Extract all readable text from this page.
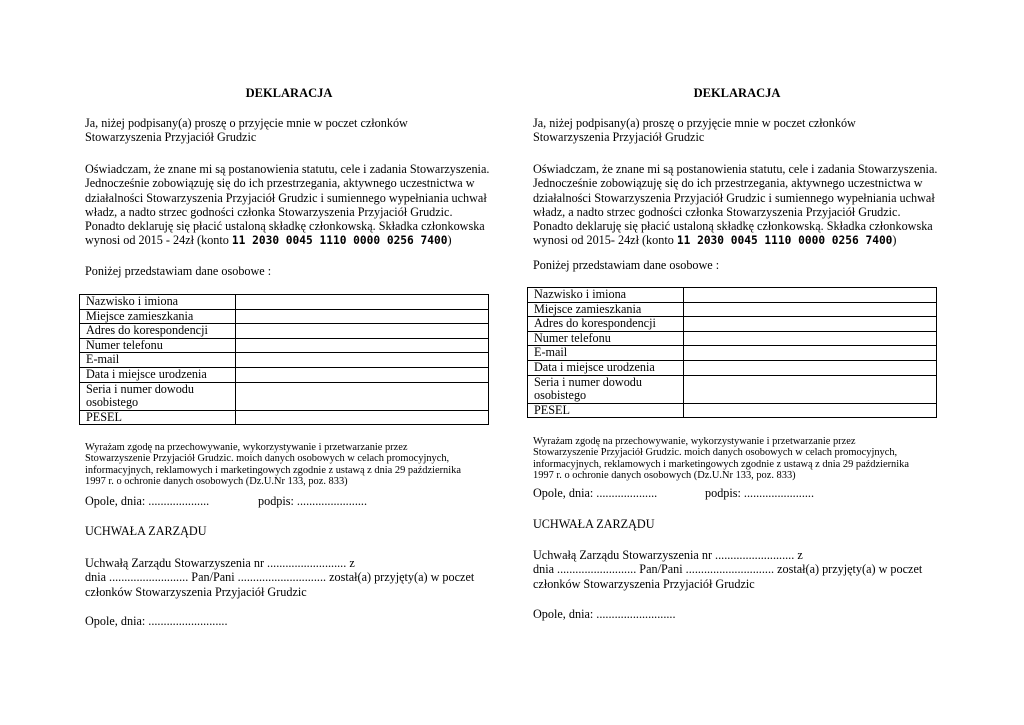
DEKLARACJA

Ja, niżej podpisany(a) proszę o przyjęcie mnie w poczet członków
Stowarzyszenia Przyjaciół Grudzic
Oświadczam, że znane mi są postanowienia statutu, cele i zadania Stowarzyszenia.
Jednocześnie zobowiązuję się do ich przestrzegania, aktywnego uczestnictwa w
działalności Stowarzyszenia Przyjaciół Grudzic i sumiennego wypełniania uchwał
władz, a nadto strzec godności członka Stowarzyszenia Przyjaciół Grudzic.
Ponadto deklaruję się płacić ustaloną składkę członkowską. Składka członkowska
wynosi od 2015 - 24zł (konto 11 2030 0045 1110 0000 0256 7400)

Poniżej przedstawiam dane osobowe :

Nazwisko i imiona	
Miejsce zamieszkania	
Adres do korespondencji	
Numer telefonu	
E-mail	
Data i miejsce urodzenia	

Seria i numer dowodu
osobistego	

PESEL	
Wyrażam zgodę na przechowywanie, wykorzystywanie i przetwarzanie przez
Stowarzyszenie Przyjaciół Grudzic. moich danych osobowych w celach promocyjnych,
informacyjnych, reklamowych i marketingowych zgodnie z ustawą z dnia 29 października
1997 r. o ochronie danych osobowych (Dz.U.Nr 133, poz. 833)

Opole, dnia: ....................	podpis: .......................

UCHWAŁA ZARZĄDU

Uchwałą Zarządu Stowarzyszenia nr .......................... z
dnia .......................... Pan/Pani ............................. został(a) przyjęty(a) w poczet
członków Stowarzyszenia Przyjaciół Grudzic

Opole, dnia: ..........................

DEKLARACJA

Ja, niżej podpisany(a) proszę o przyjęcie mnie w poczet członków
Stowarzyszenia Przyjaciół Grudzic
Oświadczam, że znane mi są postanowienia statutu, cele i zadania Stowarzyszenia.
Jednocześnie zobowiązuję się do ich przestrzegania, aktywnego uczestnictwa w
działalności Stowarzyszenia Przyjaciół Grudzic i sumiennego wypełniania uchwał
władz, a nadto strzec godności członka Stowarzyszenia Przyjaciół Grudzic.
Ponadto deklaruję się płacić ustaloną składkę członkowską. Składka członkowska
wynosi od 2015- 24zł (konto 11 2030 0045 1110 0000 0256 7400)

Poniżej przedstawiam dane osobowe :

Nazwisko i imiona	
Miejsce zamieszkania	
Adres do korespondencji	
Numer telefonu	
E-mail	
Data i miejsce urodzenia	

Seria i numer dowodu
osobistego	

PESEL	
Wyrażam zgodę na przechowywanie, wykorzystywanie i przetwarzanie przez
Stowarzyszenie Przyjaciół Grudzic. moich danych osobowych w celach promocyjnych,
informacyjnych, reklamowych i marketingowych zgodnie z ustawą z dnia 29 października
1997 r. o ochronie danych osobowych (Dz.U.Nr 133, poz. 833)

Opole, dnia: ....................	podpis: .......................

UCHWAŁA ZARZĄDU

Uchwałą Zarządu Stowarzyszenia nr .......................... z
dnia .......................... Pan/Pani ............................. został(a) przyjęty(a) w poczet
członków Stowarzyszenia Przyjaciół Grudzic

Opole, dnia: ..........................
